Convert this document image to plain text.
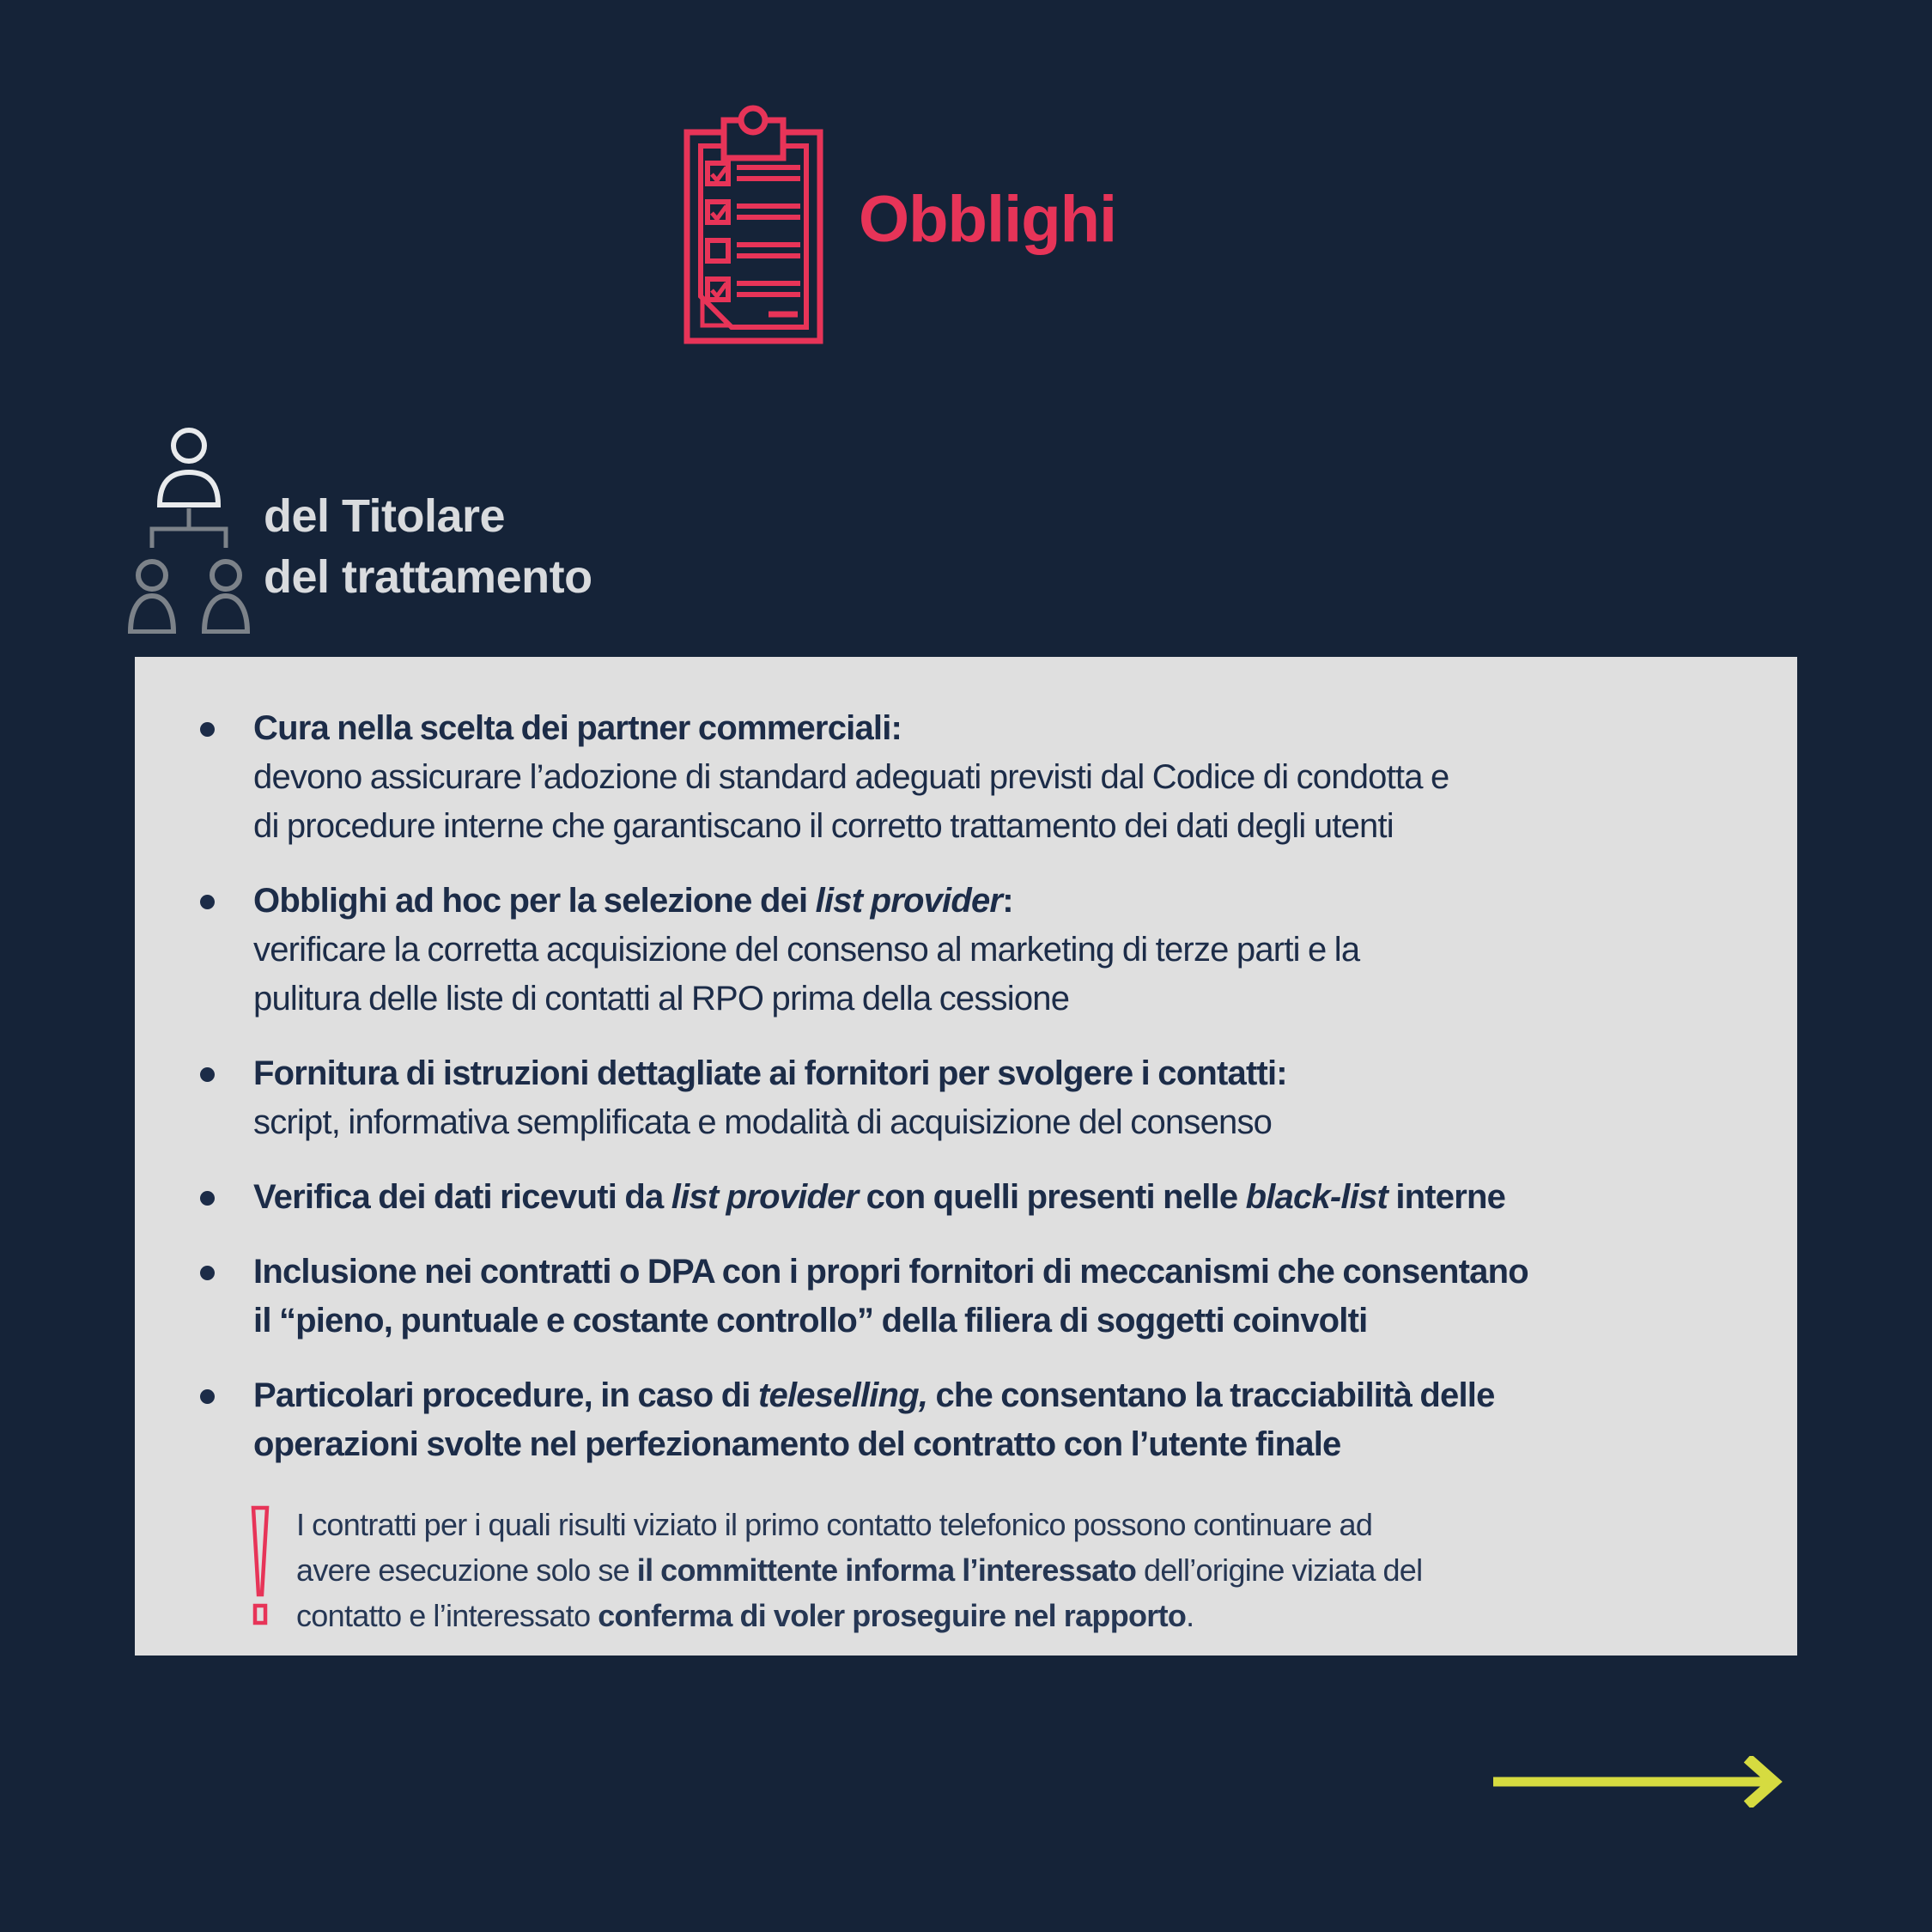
Obblighi
del Titolare
del trattamento
Cura nella scelta dei partner commerciali:
devono assicurare l’adozione di standard adeguati previsti dal Codice di condotta e
di procedure interne che garantiscano il corretto trattamento dei dati degli utenti
Obblighi ad hoc per la selezione dei list provider:
verificare la corretta acquisizione del consenso al marketing di terze parti e la
pulitura delle liste di contatti al RPO prima della cessione
Fornitura di istruzioni dettagliate ai fornitori per svolgere i contatti:
script, informativa semplificata e modalità di acquisizione del consenso
Verifica dei dati ricevuti da list provider con quelli presenti nelle black-list interne
Inclusione nei contratti o DPA con i propri fornitori di meccanismi che consentano
il “pieno, puntuale e costante controllo” della filiera di soggetti coinvolti
Particolari procedure, in caso di teleselling, che consentano la tracciabilità delle
operazioni svolte nel perfezionamento del contratto con l’utente finale
I contratti per i quali risulti viziato il primo contatto telefonico possono continuare ad
avere esecuzione solo se il committente informa l’interessato dell’origine viziata del
contatto e l’interessato conferma di voler proseguire nel rapporto.
